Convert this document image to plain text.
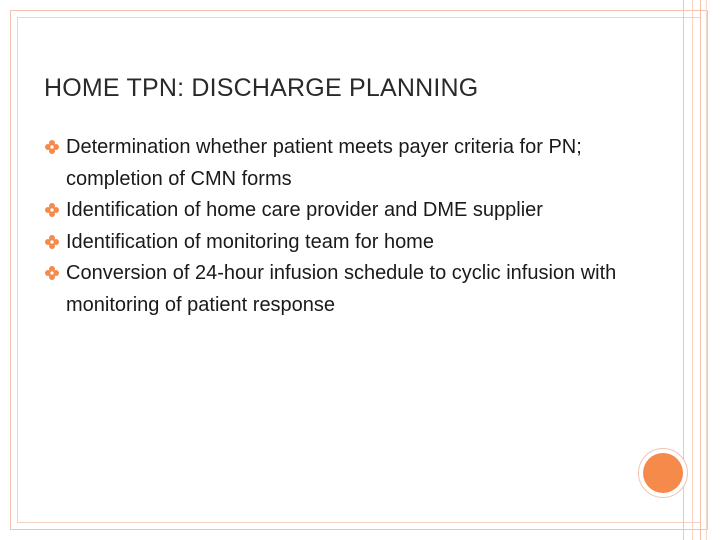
HOME TPN: DISCHARGE PLANNING
Determination whether patient meets payer criteria for PN; completion of CMN forms
Identification of home care provider and DME supplier
Identification of monitoring team for home
Conversion of 24-hour infusion schedule to cyclic infusion with monitoring of patient response
